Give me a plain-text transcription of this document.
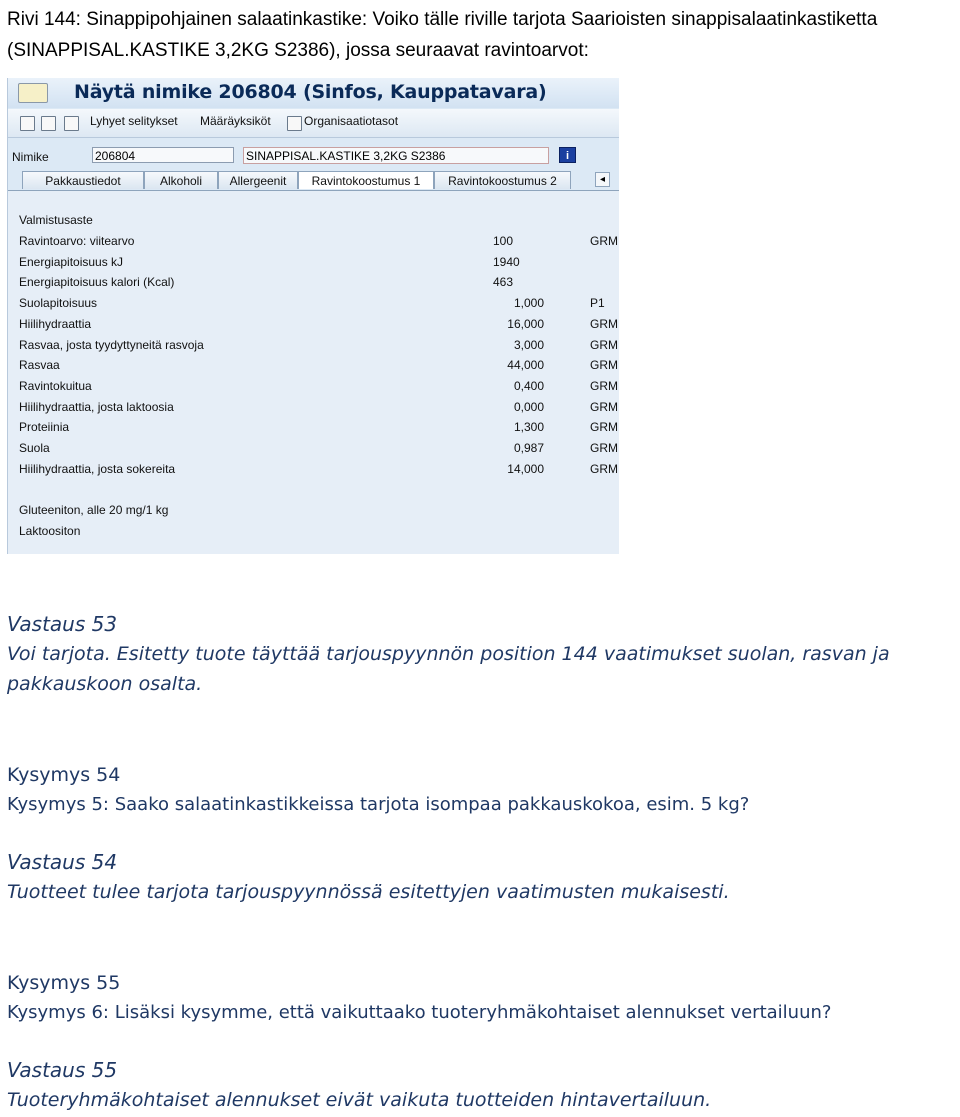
Rivi 144: Sinappipohjainen salaatinkastike: Voiko tälle riville tarjota Saarioisten sinappisalaatinkastiketta
(SINAPPISAL.KASTIKE 3,2KG S2386), jossa seuraavat ravintoarvot:
Näytä nimike 206804 (Sinfos, Kauppatavara)
Lyhyet selitykset Määräyksiköt	Organisaatiotasot
Nimike	206804	SINAPPISAL.KASTIKE 3,2KG S2386	i
Pakkaustiedot	Alkoholi	Allergeenit	Ravintokoostumus 1	Ravintokoostumus 2	◂
Valmistusaste
Ravintoarvo: viitearvo	100	GRM
Energiapitoisuus kJ	1940
Energiapitoisuus kalori (Kcal)	463
Suolapitoisuus	1,000	P1
Hiilihydraattia	16,000	GRM
Rasvaa, josta tyydyttyneitä rasvoja	3,000	GRM
Rasvaa	44,000	GRM
Ravintokuitua	0,400	GRM
Hiilihydraattia, josta laktoosia	0,000	GRM
Proteiinia	1,300	GRM
Suola	0,987	GRM
Hiilihydraattia, josta sokereita	14,000	GRM
Gluteeniton, alle 20 mg/1 kg
Laktoositon
Vastaus 53
Voi tarjota. Esitetty tuote täyttää tarjouspyynnön position 144 vaatimukset suolan, rasvan ja
pakkauskoon osalta.
Kysymys 54
Kysymys 5: Saako salaatinkastikkeissa tarjota isompaa pakkauskokoa, esim. 5 kg?
Vastaus 54
Tuotteet tulee tarjota tarjouspyynnössä esitettyjen vaatimusten mukaisesti.
Kysymys 55
Kysymys 6: Lisäksi kysymme, että vaikuttaako tuoteryhmäkohtaiset alennukset vertailuun?
Vastaus 55
Tuoteryhmäkohtaiset alennukset eivät vaikuta tuotteiden hintavertailuun.
